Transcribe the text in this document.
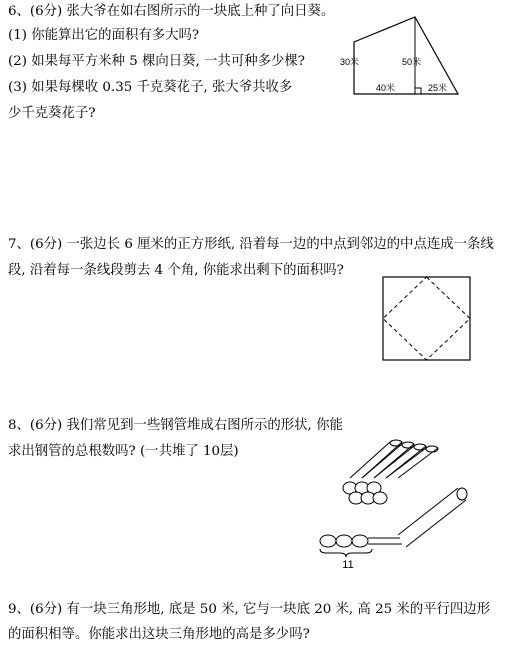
6、(6分) 张大爷在如右图所示的一块底上种了向日葵。
(1) 你能算出它的面积有多大吗?
(2) 如果每平方米种 5 棵向日葵, 一共可种多少棵?
(3) 如果每棵收 0.35 千克葵花子, 张大爷共收多
少千克葵花子?
30米	50米
40米	25米
7、(6分) 一张边长 6 厘米的正方形纸, 沿着每一边的中点到邻边的中点连成一条线
段, 沿着每一条线段剪去 4 个角, 你能求出剩下的面积吗?
8、(6分) 我们常见到一些钢管堆成右图所示的形状, 你能
求出钢管的总根数吗? (一共堆了 10层)
11
9、(6分) 有一块三角形地, 底是 50 米, 它与一块底 20 米, 高 25 米的平行四边形
的面积相等。你能求出这块三角形地的高是多少吗?
